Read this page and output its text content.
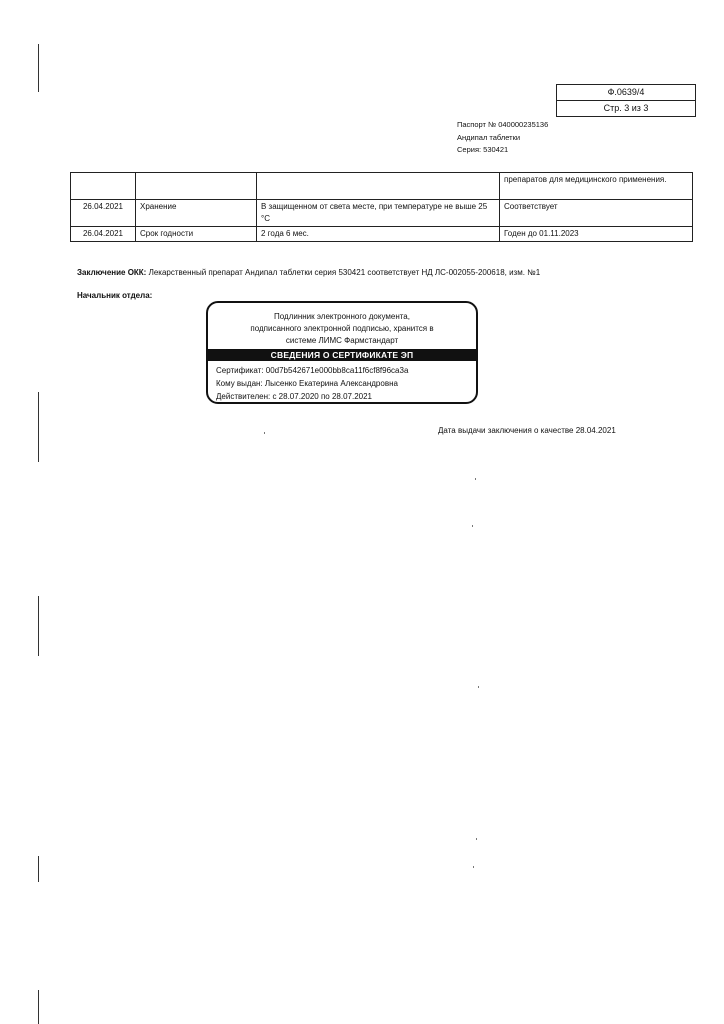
Ф.0639/4
Стр. 3 из 3
Паспорт № 040000235136
Андипал таблетки
Серия: 530421
			препаратов для медицинского применения.
26.04.2021	Хранение	В защищенном от света месте, при температуре не выше 25 °C	Соответствует
26.04.2021	Срок годности	2 года 6 мес.	Годен до 01.11.2023
Заключение ОКК: Лекарственный препарат Андипал таблетки серия 530421 соответствует НД ЛС-002055-200618, изм. №1
Начальник отдела:
Подлинник электронного документа,
подписанного электронной подписью, хранится в
системе ЛИМС Фармстандарт
СВЕДЕНИЯ О СЕРТИФИКАТЕ ЭП
Сертификат: 00d7b542671e000bb8ca11f6cf8f96ca3a
Кому выдан: Лысенко Екатерина Александровна
Действителен: с 28.07.2020 по 28.07.2021
Дата выдачи заключения о качестве 28.04.2021
